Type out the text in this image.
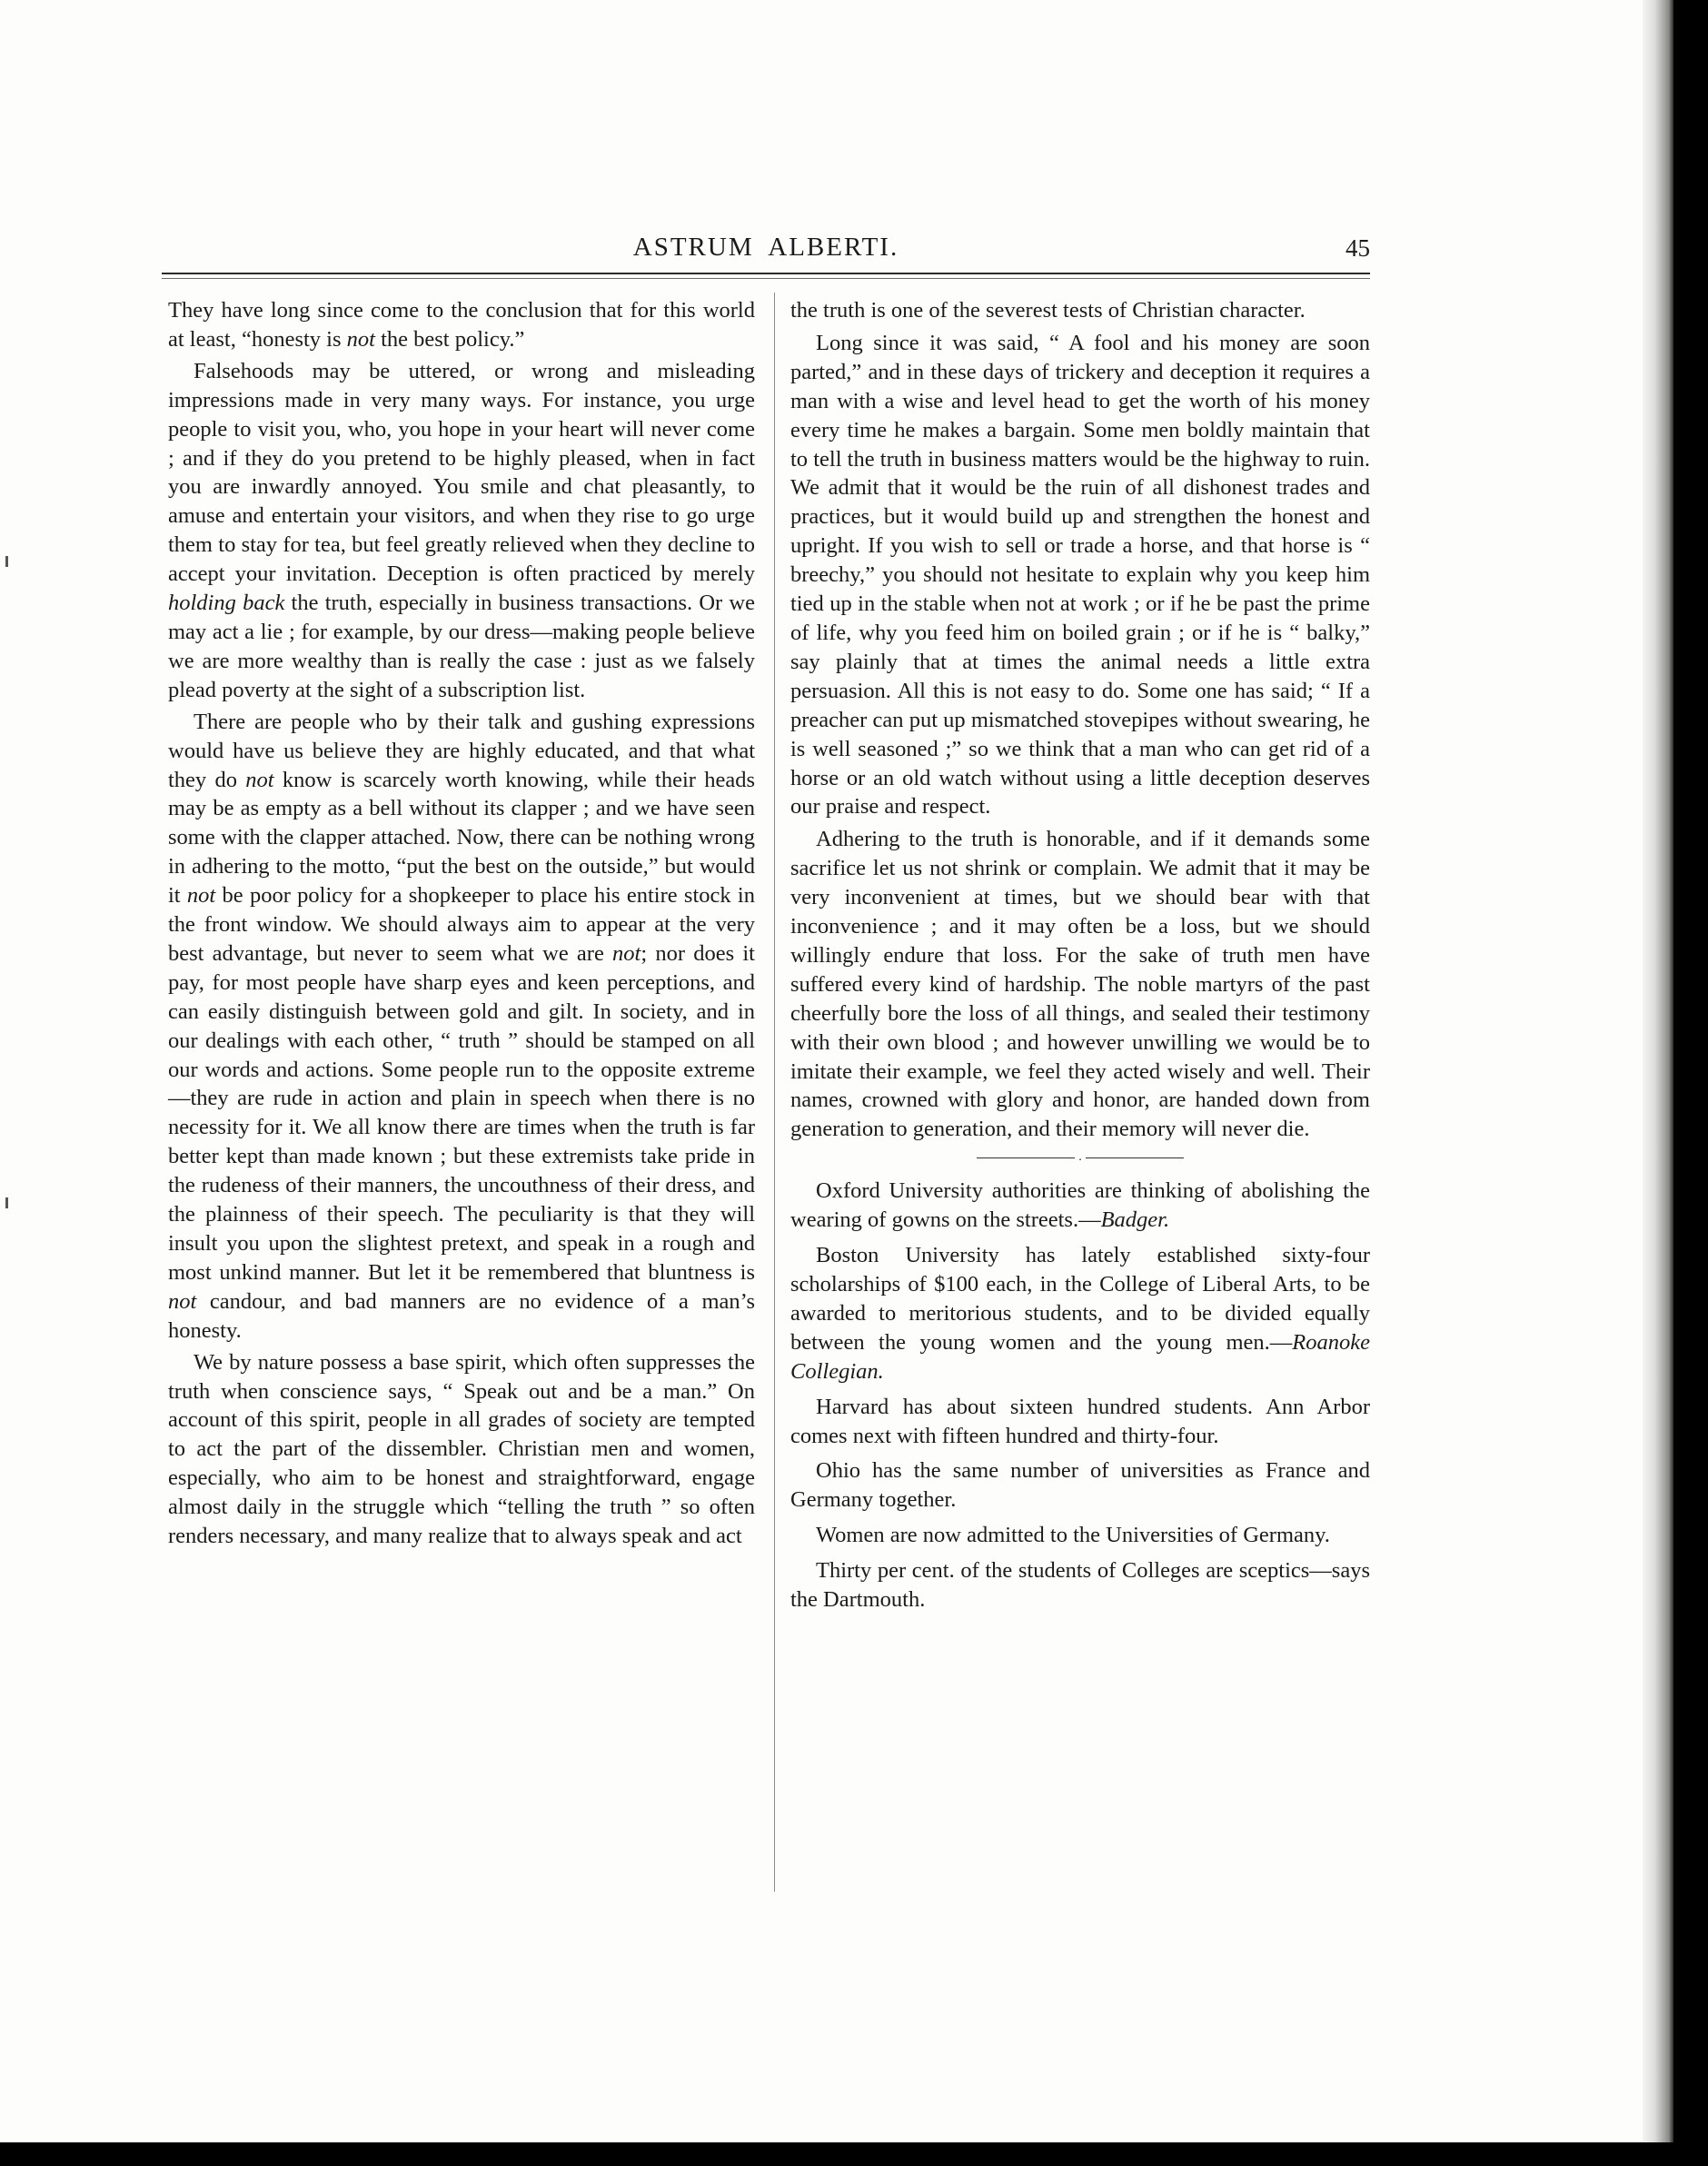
ASTRUM ALBERTI.	45

They have long since come to the conclusion that for this world at least, “honesty is not the best policy.”

Falsehoods may be uttered, or wrong and misleading impressions made in very many ways. For instance, you urge people to visit you, who, you hope in your heart will never come ; and if they do you pretend to be highly pleased, when in fact you are inwardly annoyed. You smile and chat pleasantly, to amuse and entertain your visitors, and when they rise to go urge them to stay for tea, but feel greatly relieved when they decline to accept your invitation. Deception is often practiced by merely holding back the truth, especially in business transactions. Or we may act a lie ; for example, by our dress—making people believe we are more wealthy than is really the case : just as we falsely plead poverty at the sight of a subscription list.

There are people who by their talk and gushing expressions would have us believe they are highly educated, and that what they do not know is scarcely worth knowing, while their heads may be as empty as a bell without its clapper ; and we have seen some with the clapper attached. Now, there can be nothing wrong in adhering to the motto, “put the best on the outside,” but would it not be poor policy for a shopkeeper to place his entire stock in the front window. We should always aim to appear at the very best advantage, but never to seem what we are not; nor does it pay, for most people have sharp eyes and keen perceptions, and can easily distinguish between gold and gilt. In society, and in our dealings with each other, “ truth ” should be stamped on all our words and actions. Some people run to the opposite extreme—they are rude in action and plain in speech when there is no necessity for it. We all know there are times when the truth is far better kept than made known ; but these extremists take pride in the rudeness of their manners, the uncouthness of their dress, and the plainness of their speech. The peculiarity is that they will insult you upon the slightest pretext, and speak in a rough and most unkind manner. But let it be remembered that bluntness is not candour, and bad manners are no evidence of a man’s honesty.

We by nature possess a base spirit, which often suppresses the truth when conscience says, “ Speak out and be a man.” On account of this spirit, people in all grades of society are tempted to act the part of the dissembler. Christian men and women, especially, who aim to be honest and straightforward, engage almost daily in the struggle which “telling the truth ” so often renders necessary, and many realize that to always speak and act

the truth is one of the severest tests of Christian character.

Long since it was said, “ A fool and his money are soon parted,” and in these days of trickery and deception it requires a man with a wise and level head to get the worth of his money every time he makes a bargain. Some men boldly maintain that to tell the truth in business matters would be the highway to ruin. We admit that it would be the ruin of all dishonest trades and practices, but it would build up and strengthen the honest and upright. If you wish to sell or trade a horse, and that horse is “ breechy,” you should not hesitate to explain why you keep him tied up in the stable when not at work ; or if he be past the prime of life, why you feed him on boiled grain ; or if he is “ balky,” say plainly that at times the animal needs a little extra persuasion. All this is not easy to do. Some one has said; “ If a preacher can put up mismatched stovepipes without swearing, he is well seasoned ;” so we think that a man who can get rid of a horse or an old watch without using a little deception deserves our praise and respect.

Adhering to the truth is honorable, and if it demands some sacrifice let us not shrink or complain. We admit that it may be very inconvenient at times, but we should bear with that inconvenience ; and it may often be a loss, but we should willingly endure that loss. For the sake of truth men have suffered every kind of hardship. The noble martyrs of the past cheerfully bore the loss of all things, and sealed their testimony with their own blood ; and however unwilling we would be to imitate their example, we feel they acted wisely and well. Their names, crowned with glory and honor, are handed down from generation to generation, and their memory will never die.

.

Oxford University authorities are thinking of abolishing the wearing of gowns on the streets.—Badger.

Boston University has lately established sixty-four scholarships of $100 each, in the College of Liberal Arts, to be awarded to meritorious students, and to be divided equally between the young women and the young men.—Roanoke Collegian.

Harvard has about sixteen hundred students. Ann Arbor comes next with fifteen hundred and thirty-four.

Ohio has the same number of universities as France and Germany together.

Women are now admitted to the Universities of Germany.

Thirty per cent. of the students of Colleges are sceptics—says the Dartmouth.
